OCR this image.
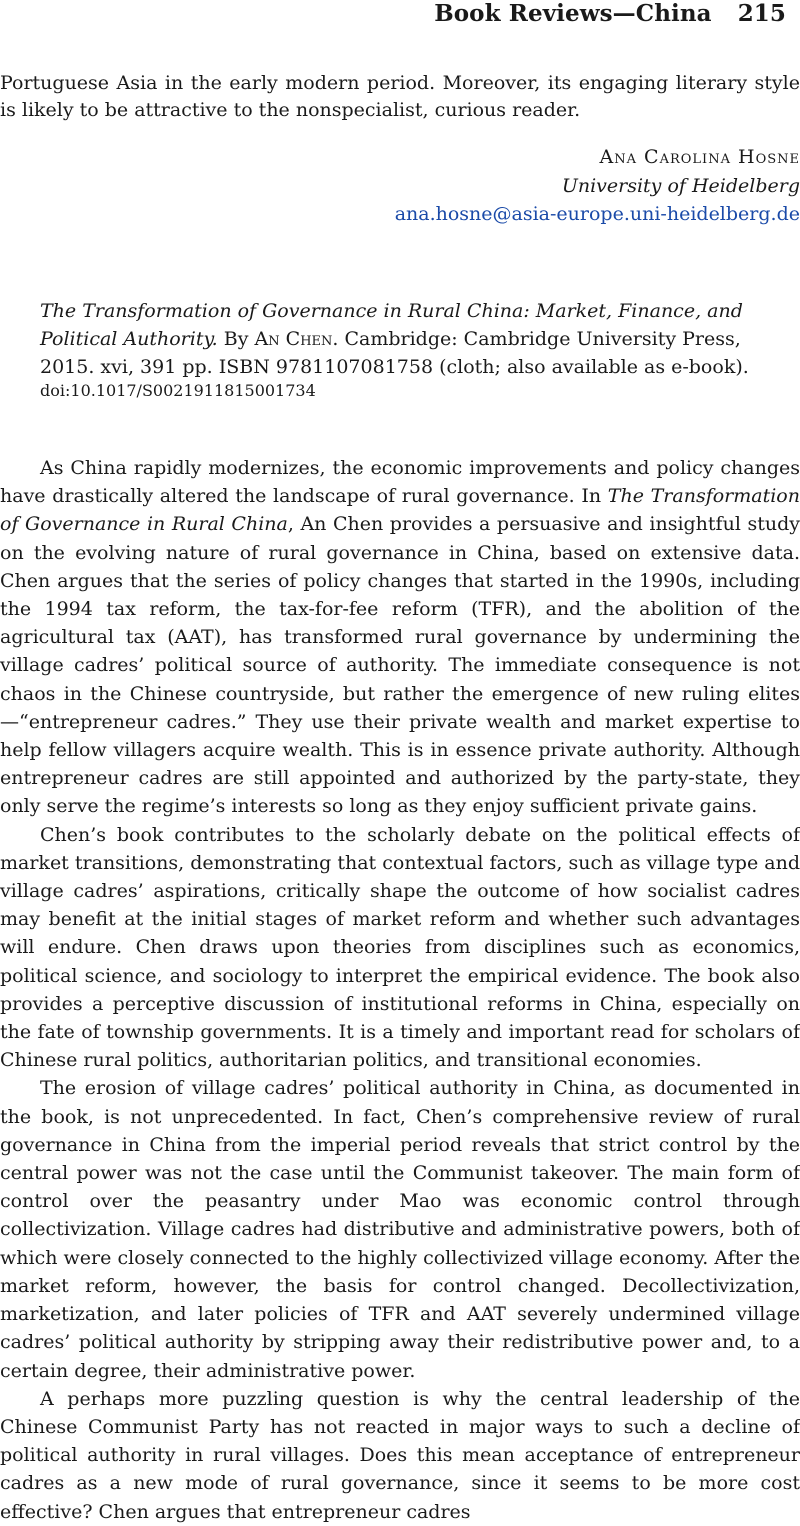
Book Reviews—China 215
Portuguese Asia in the early modern period. Moreover, its engaging literary style is likely to be attractive to the nonspecialist, curious reader.
Ana Carolina Hosne
University of Heidelberg
ana.hosne@asia-europe.uni-heidelberg.de
The Transformation of Governance in Rural China: Market, Finance, and Political Authority. By An Chen. Cambridge: Cambridge University Press, 2015. xvi, 391 pp. ISBN 9781107081758 (cloth; also available as e-book).
doi:10.1017/S0021911815001734

As China rapidly modernizes, the economic improvements and policy changes have drastically altered the landscape of rural governance. In The Transformation of Governance in Rural China, An Chen provides a persuasive and insightful study on the evolving nature of rural governance in China, based on extensive data. Chen argues that the series of policy changes that started in the 1990s, including the 1994 tax reform, the tax-for-fee reform (TFR), and the abolition of the agricultural tax (AAT), has transformed rural governance by undermining the village cadres’ political source of authority. The immediate consequence is not chaos in the Chinese countryside, but rather the emergence of new ruling elites—“entrepreneur cadres.” They use their private wealth and market expertise to help fellow villagers acquire wealth. This is in essence private authority. Although entrepreneur cadres are still appointed and authorized by the party-state, they only serve the regime’s interests so long as they enjoy sufficient private gains.

Chen’s book contributes to the scholarly debate on the political effects of market transitions, demonstrating that contextual factors, such as village type and village cadres’ aspirations, critically shape the outcome of how socialist cadres may benefit at the initial stages of market reform and whether such advantages will endure. Chen draws upon theories from disciplines such as economics, political science, and sociology to interpret the empirical evidence. The book also provides a perceptive discussion of institutional reforms in China, especially on the fate of township governments. It is a timely and important read for scholars of Chinese rural politics, authoritarian politics, and transitional economies.

The erosion of village cadres’ political authority in China, as documented in the book, is not unprecedented. In fact, Chen’s comprehensive review of rural governance in China from the imperial period reveals that strict control by the central power was not the case until the Communist takeover. The main form of control over the peasantry under Mao was economic control through collectivization. Village cadres had distributive and administrative powers, both of which were closely connected to the highly collectivized village economy. After the market reform, however, the basis for control changed. Decollectivization, marketization, and later policies of TFR and AAT severely undermined village cadres’ political authority by stripping away their redistributive power and, to a certain degree, their administrative power.

A perhaps more puzzling question is why the central leadership of the Chinese Communist Party has not reacted in major ways to such a decline of political authority in rural villages. Does this mean acceptance of entrepreneur cadres as a new mode of rural governance, since it seems to be more cost effective? Chen argues that entrepreneur cadres
